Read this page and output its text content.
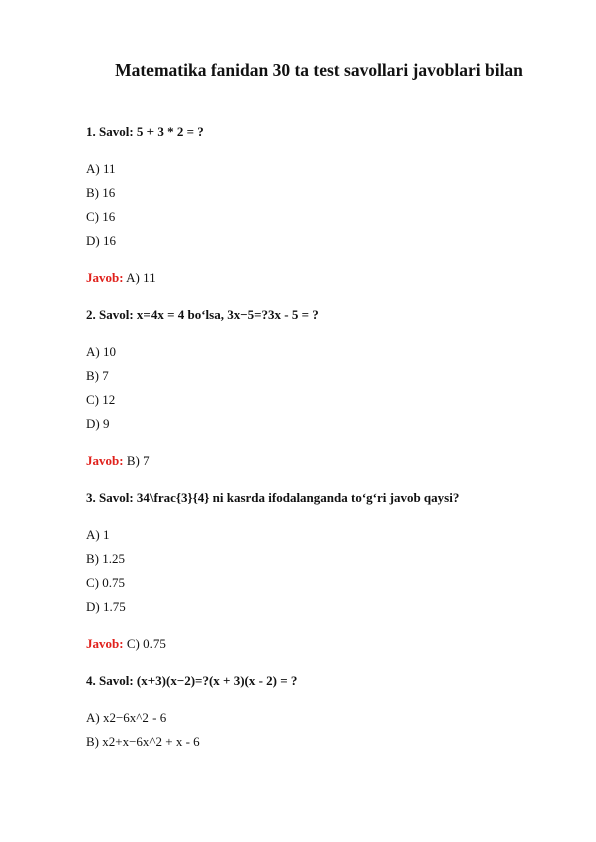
Matematika fanidan 30 ta test savollari javoblari bilan
1. Savol: 5 + 3 * 2 = ?
A) 11
B) 16
C) 16
D) 16
Javob: A) 11
2. Savol: x=4x = 4 bo‘lsa, 3x−5=?3x - 5 = ?
A) 10
B) 7
C) 12
D) 9
Javob: B) 7
3. Savol: 34\frac{3}{4} ni kasrda ifodalanganda to‘g‘ri javob qaysi?
A) 1
B) 1.25
C) 0.75
D) 1.75
Javob: C) 0.75
4. Savol: (x+3)(x−2)=?(x + 3)(x - 2) = ?
A) x2−6x^2 - 6
B) x2+x−6x^2 + x - 6
